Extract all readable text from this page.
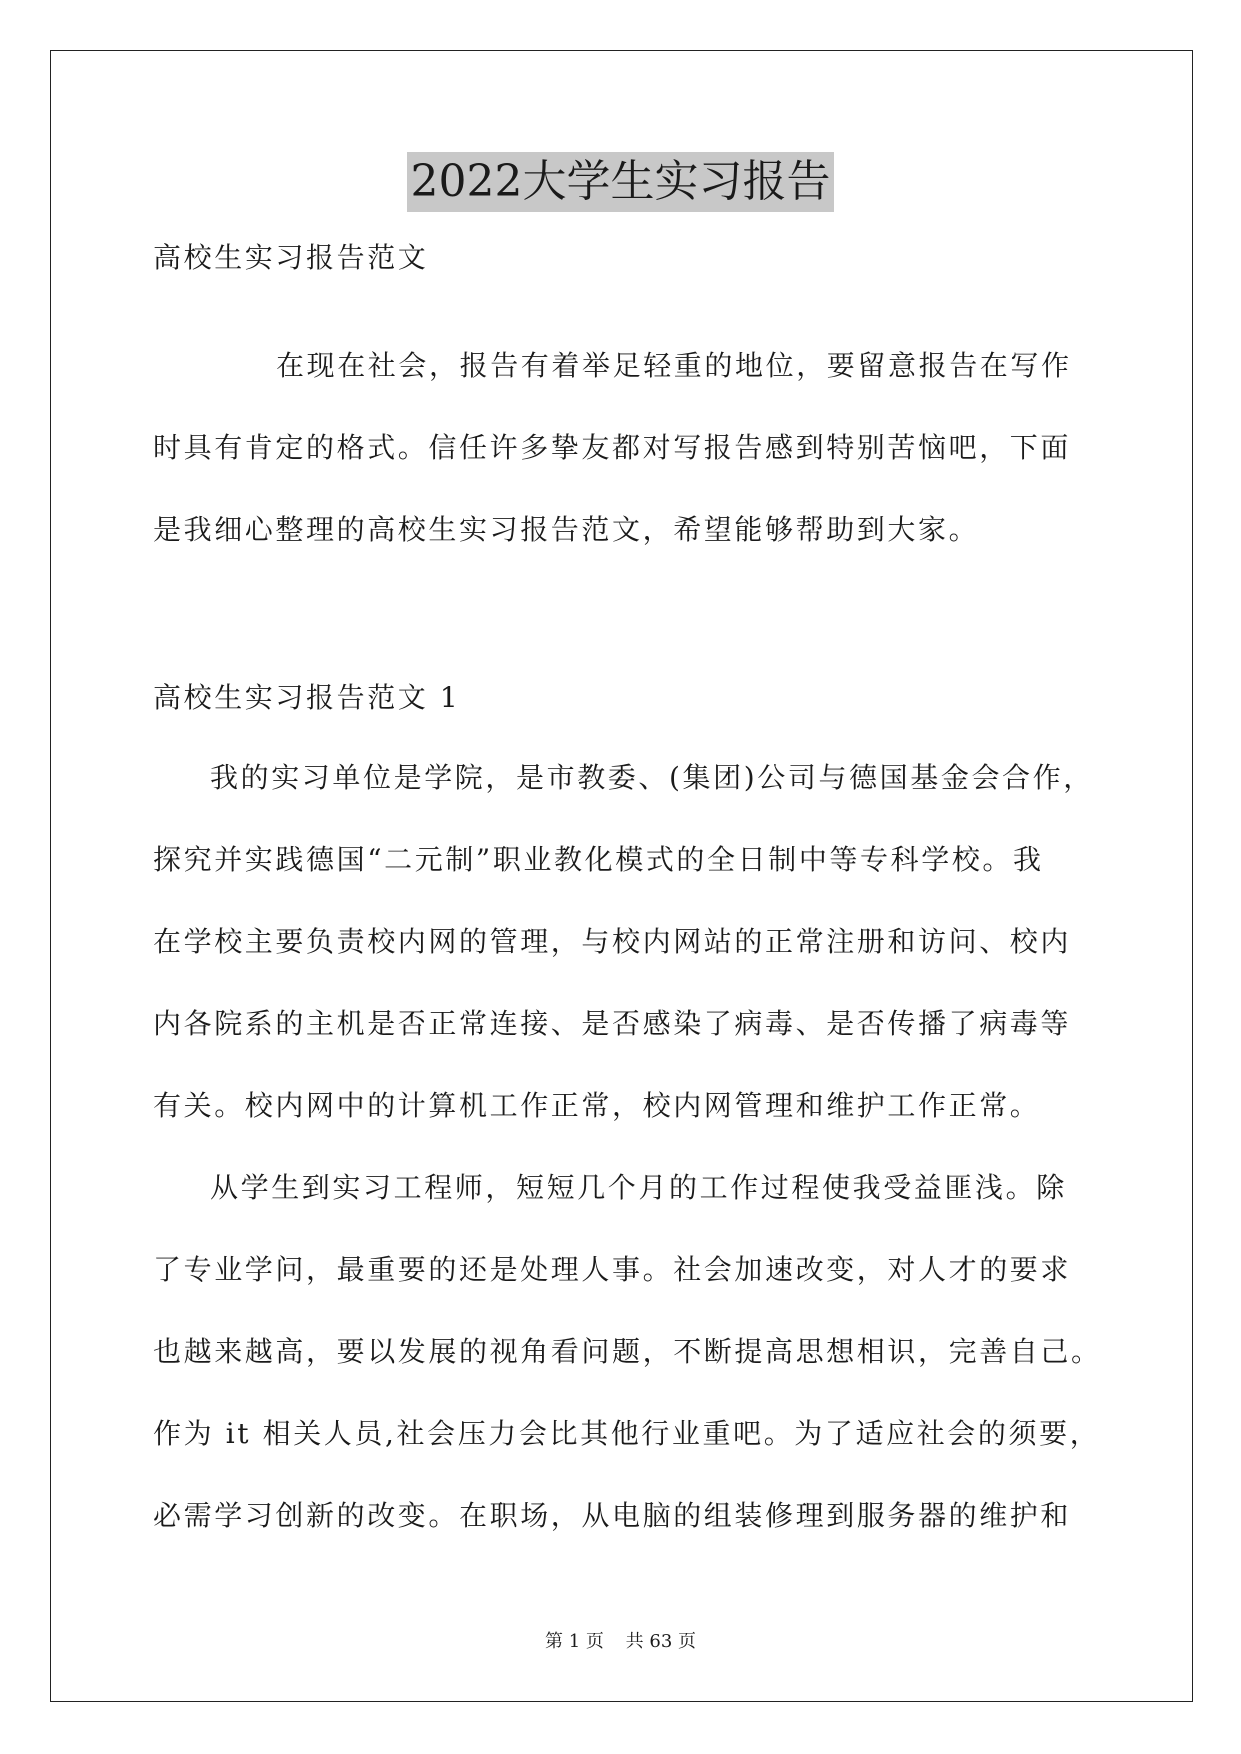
2022大学生实习报告
高校生实习报告范文
在现在社会，报告有着举足轻重的地位，要留意报告在写作
时具有肯定的格式。信任许多挚友都对写报告感到特别苦恼吧，下面
是我细心整理的高校生实习报告范文，希望能够帮助到大家。
高校生实习报告范文 1
我的实习单位是学院，是市教委、(集团)公司与德国基金会合作，
探究并实践德国“二元制”职业教化模式的全日制中等专科学校。我
在学校主要负责校内网的管理，与校内网站的正常注册和访问、校内
内各院系的主机是否正常连接、是否感染了病毒、是否传播了病毒等
有关。校内网中的计算机工作正常，校内网管理和维护工作正常。
从学生到实习工程师，短短几个月的工作过程使我受益匪浅。除
了专业学问，最重要的还是处理人事。社会加速改变，对人才的要求
也越来越高，要以发展的视角看问题，不断提高思想相识，完善自己。
作为 it 相关人员,社会压力会比其他行业重吧。为了适应社会的须要，
必需学习创新的改变。在职场，从电脑的组装修理到服务器的维护和
第 1 页 共 63 页
